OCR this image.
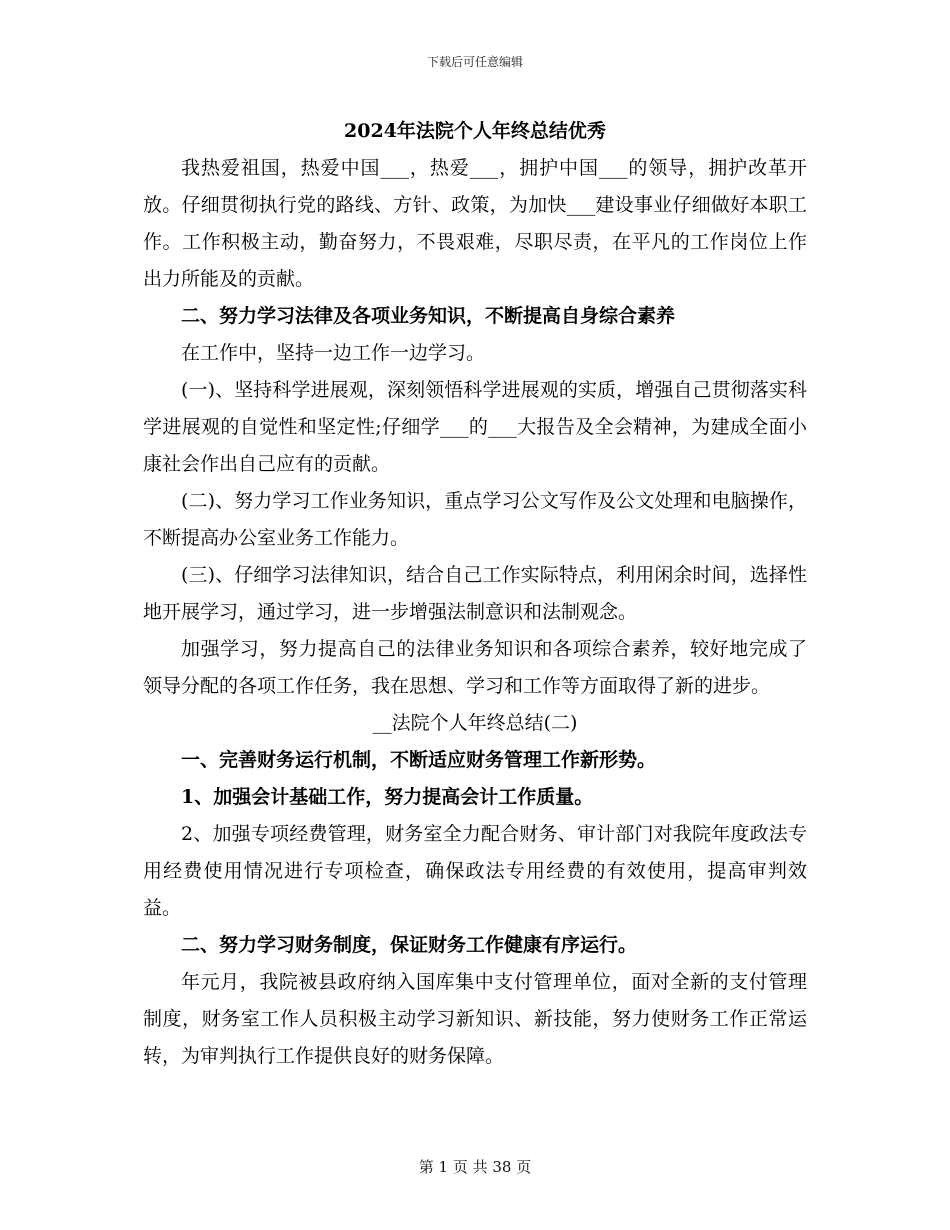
下载后可任意编辑

2024年法院个人年终总结优秀

我热爱祖国，热爱中国___，热爱___，拥护中国___的领导，拥护改革开放。仔细贯彻执行党的路线、方针、政策，为加快___建设事业仔细做好本职工作。工作积极主动，勤奋努力，不畏艰难，尽职尽责，在平凡的工作岗位上作出力所能及的贡献。

二、努力学习法律及各项业务知识，不断提高自身综合素养

在工作中，坚持一边工作一边学习。

(一)、坚持科学进展观，深刻领悟科学进展观的实质，增强自己贯彻落实科学进展观的自觉性和坚定性;仔细学___的___大报告及全会精神，为建成全面小康社会作出自己应有的贡献。

(二)、努力学习工作业务知识，重点学习公文写作及公文处理和电脑操作，不断提高办公室业务工作能力。

(三)、仔细学习法律知识，结合自己工作实际特点，利用闲余时间，选择性地开展学习，通过学习，进一步增强法制意识和法制观念。

加强学习，努力提高自己的法律业务知识和各项综合素养，较好地完成了领导分配的各项工作任务，我在思想、学习和工作等方面取得了新的进步。

__法院个人年终总结(二)

一、完善财务运行机制，不断适应财务管理工作新形势。

1、加强会计基础工作，努力提高会计工作质量。

2、加强专项经费管理，财务室全力配合财务、审计部门对我院年度政法专用经费使用情况进行专项检查，确保政法专用经费的有效使用，提高审判效益。

二、努力学习财务制度，保证财务工作健康有序运行。

年元月，我院被县政府纳入国库集中支付管理单位，面对全新的支付管理制度，财务室工作人员积极主动学习新知识、新技能，努力使财务工作正常运转，为审判执行工作提供良好的财务保障。

第 1 页 共 38 页
